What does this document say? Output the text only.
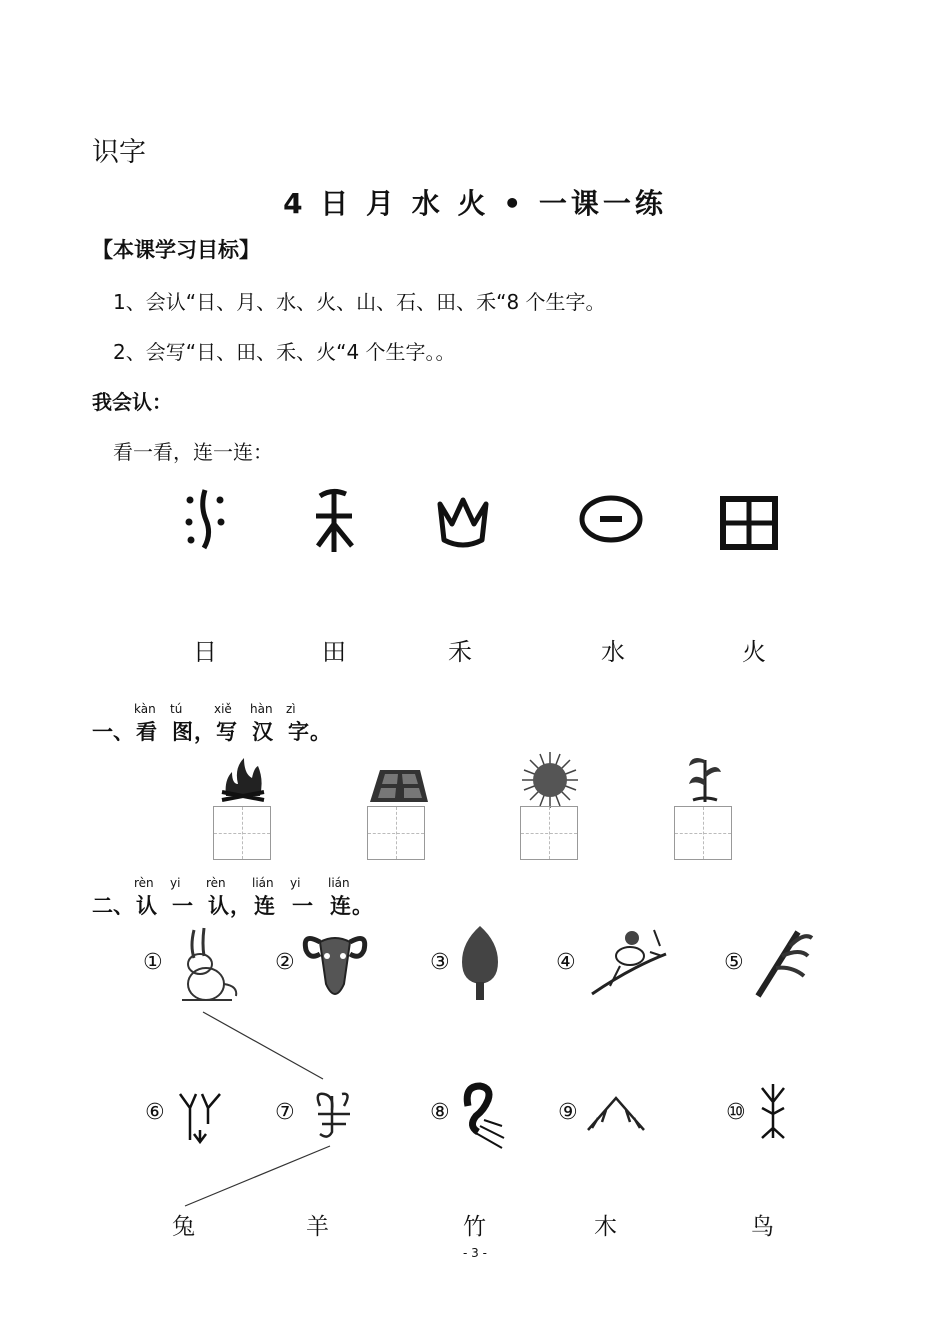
识字
4 日 月 水 火 • 一课一练
【本课学习目标】
1、会认“日、月、水、火、山、石、田、禾“8 个生字。
2、会写“日、田、禾、火“4 个生字。。
我会认：
看一看，连一连：
日	田	禾	水	火
一、
kàn
看
tú
图 ，
xiě
写
hàn
汉
zì
字 。
二、
rèn
认
yi
一
rèn
认 ，
lián
连
yi
一
lián
连 。
①	②	③	④	⑤
⑥	⑦	⑧	⑨	⑩
兔	羊	竹	木	鸟
- 3 -
